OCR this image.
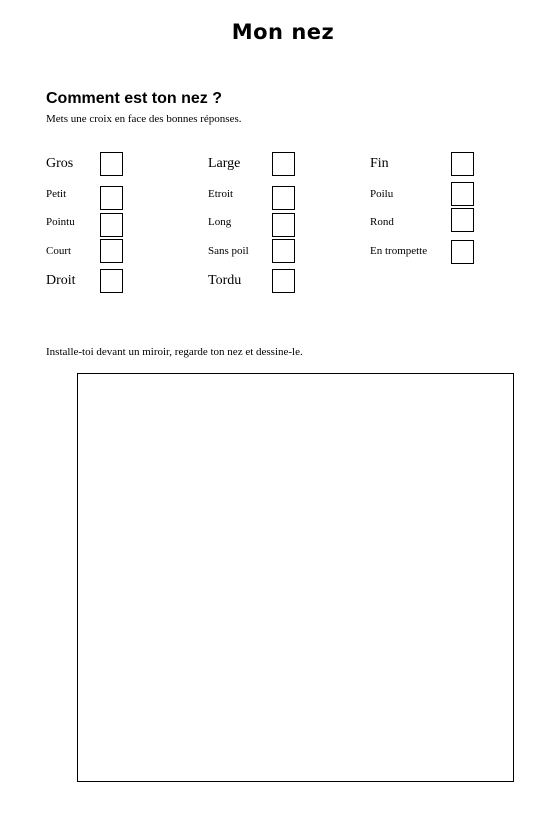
Mon nez
Comment est ton nez ?
Mets une croix en face des bonnes réponses.
Gros
Petit
Pointu
Court
Droit
Large
Etroit
Long
Sans poil
Tordu
Fin
Poilu
Rond
En trompette
Installe-toi devant un miroir, regarde ton nez et dessine-le.
